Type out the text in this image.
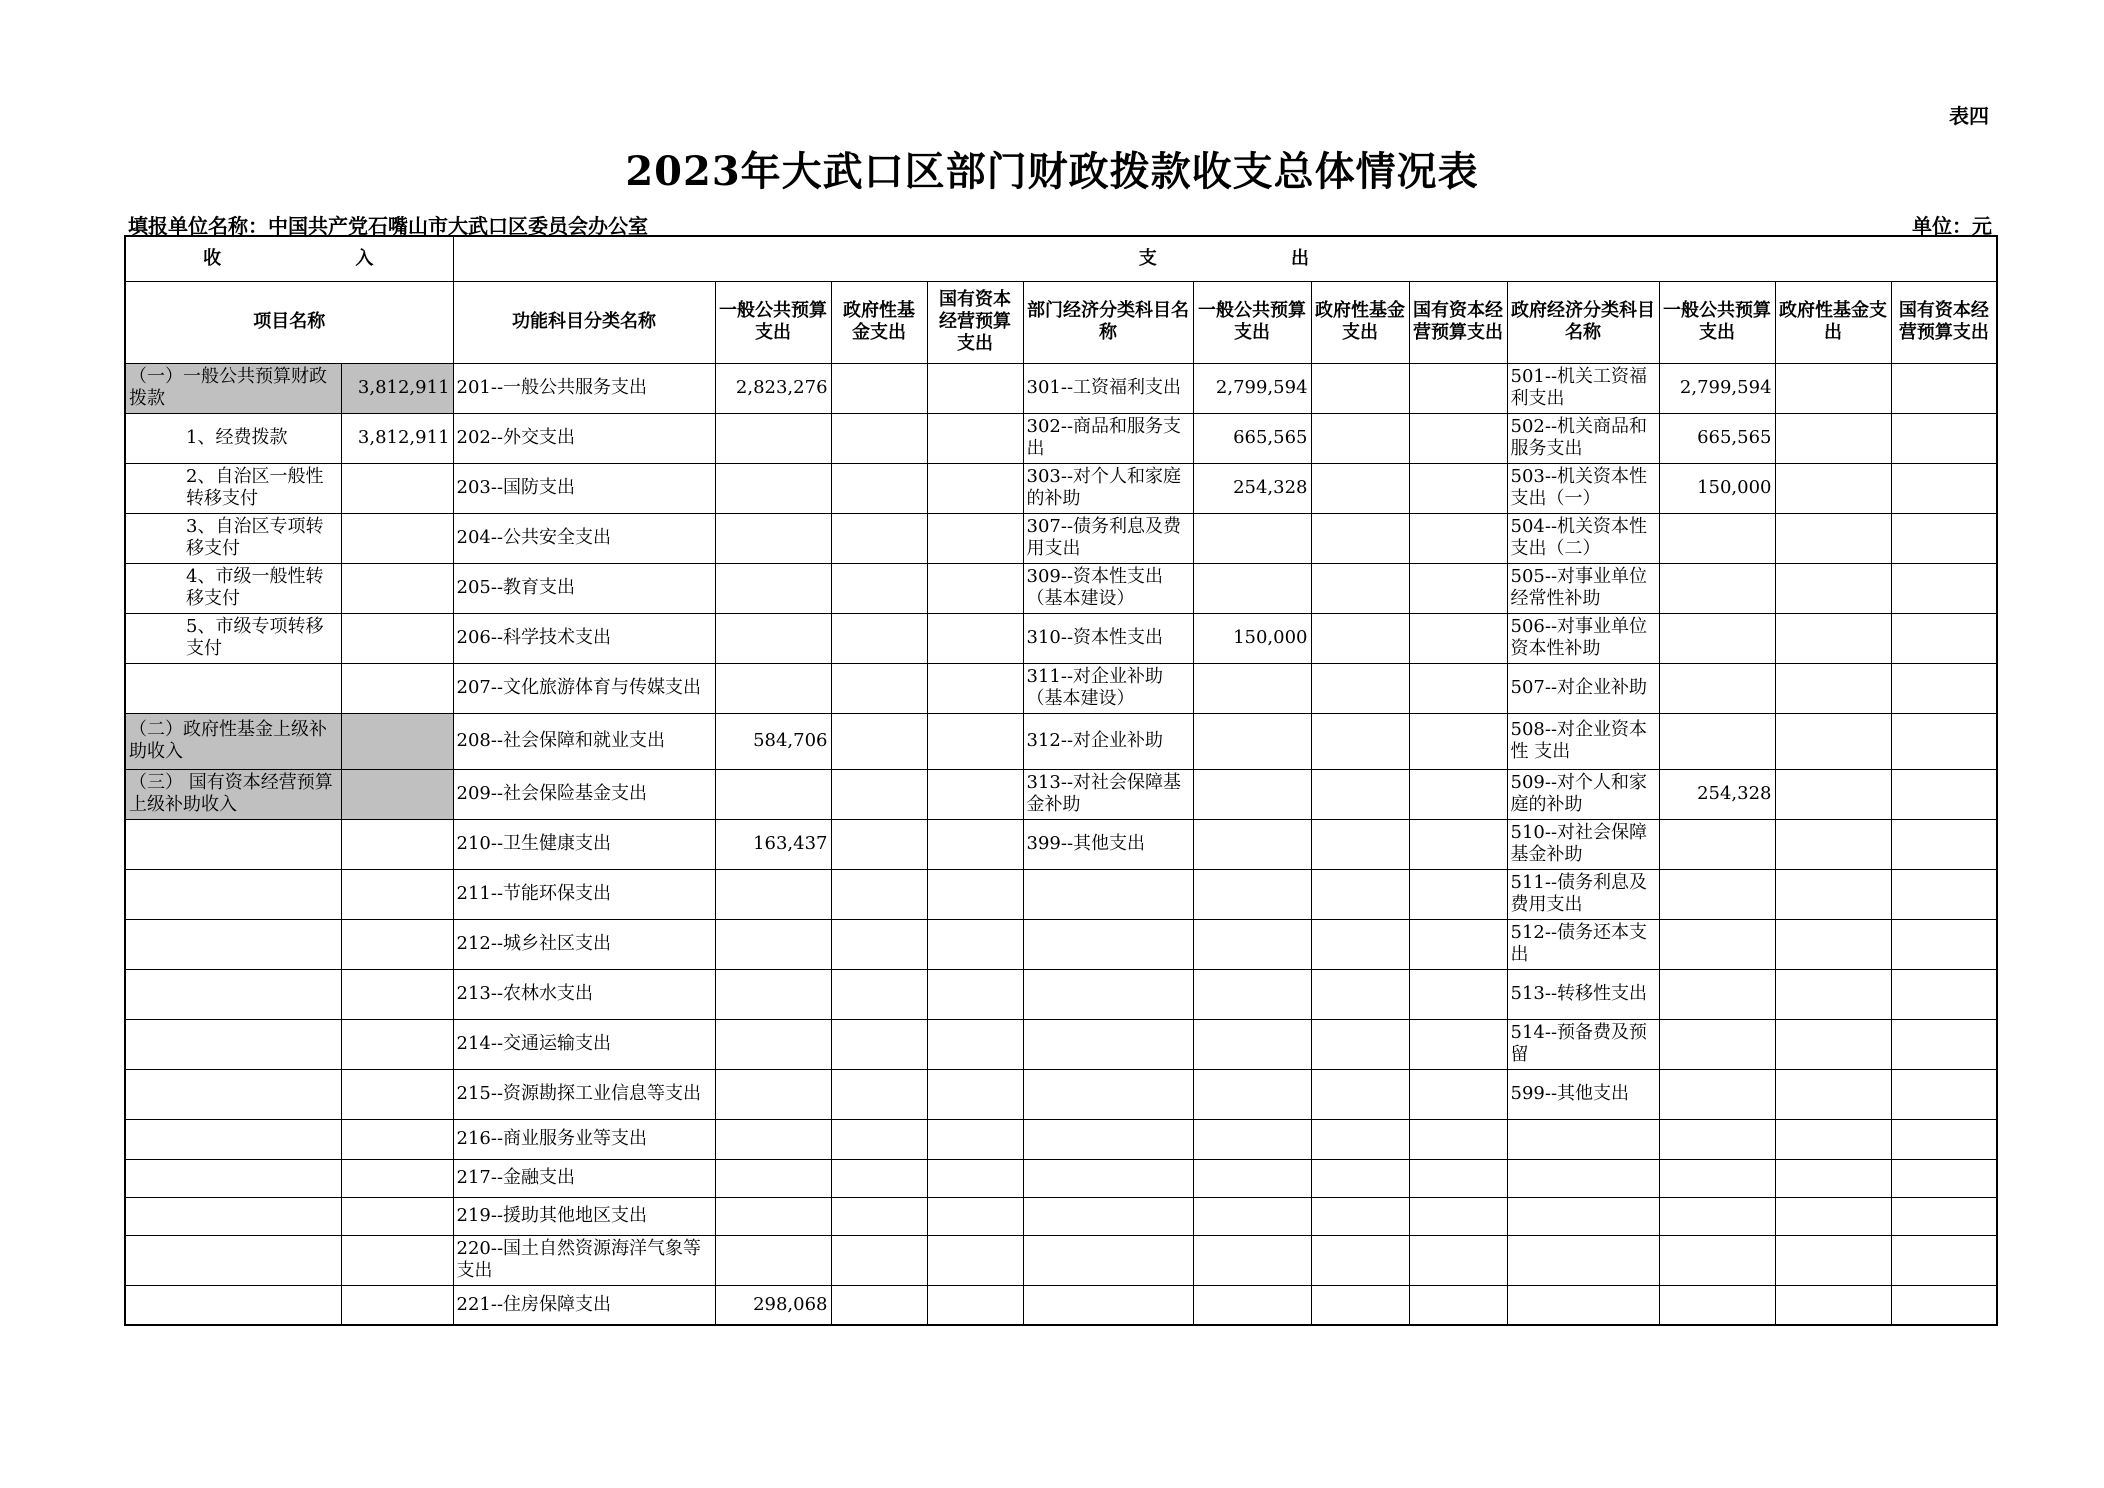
表四
2023年大武口区部门财政拨款收支总体情况表
填报单位名称：中国共产党石嘴山市大武口区委员会办公室	单位：元
收                入		支                出											
项目名称		功能科目分类名称	一般公共预算支出	政府性基金支出	国有资本经营预算支出	部门经济分类科目名称	一般公共预算支出	政府性基金支出	国有资本经营预算支出	政府经济分类科目名称	一般公共预算支出	政府性基金支出	国有资本经营预算支出
（一）一般公共预算财政拨款	3,812,911	201--一般公共服务支出	2,823,276			301--工资福利支出	2,799,594			501--机关工资福利支出	2,799,594		
1、经费拨款	3,812,911	202--外交支出				302--商品和服务支出	665,565			502--机关商品和服务支出	665,565		
2、自治区一般性转移支付		203--国防支出				303--对个人和家庭的补助	254,328			503--机关资本性支出（一）	150,000		
3、自治区专项转移支付		204--公共安全支出				307--债务利息及费用支出				504--机关资本性支出（二）			
4、市级一般性转移支付		205--教育支出				309--资本性支出（基本建设）				505--对事业单位经常性补助			
5、市级专项转移支付		206--科学技术支出				310--资本性支出	150,000			506--对事业单位资本性补助			
		207--文化旅游体育与传媒支出				311--对企业补助（基本建设）				507--对企业补助			
（二）政府性基金上级补助收入		208--社会保障和就业支出	584,706			312--对企业补助				508--对企业资本性 支出			
（三） 国有资本经营预算上级补助收入		209--社会保险基金支出				313--对社会保障基金补助				509--对个人和家庭的补助	254,328		
		210--卫生健康支出	163,437			399--其他支出				510--对社会保障基金补助			
		211--节能环保支出								511--债务利息及费用支出			
		212--城乡社区支出								512--债务还本支出			
		213--农林水支出								513--转移性支出			
		214--交通运输支出								514--预备费及预留			
		215--资源勘探工业信息等支出								599--其他支出			
		216--商业服务业等支出											
		217--金融支出											
		219--援助其他地区支出											
		220--国土自然资源海洋气象等支出											
		221--住房保障支出	298,068										
